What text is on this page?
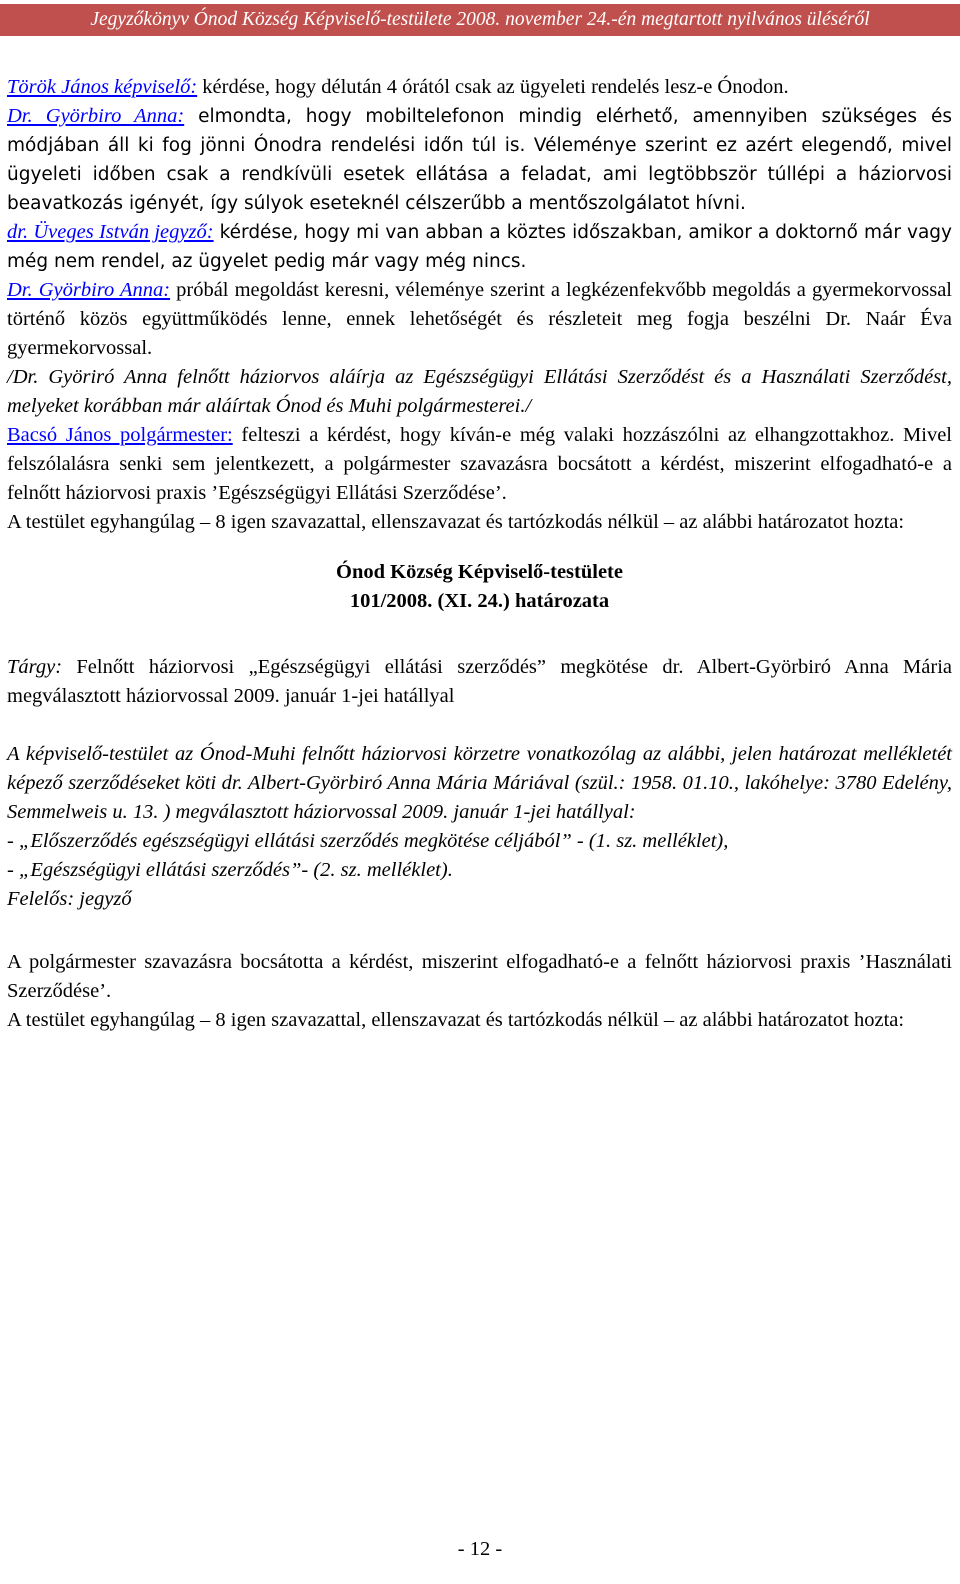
Jegyzőkönyv Ónod Község Képviselő-testülete 2008. november 24.-én megtartott nyilvános üléséről

Török János képviselő: kérdése, hogy délután 4 órától csak az ügyeleti rendelés lesz-e Ónodon.

Dr. Györbiro Anna: elmondta, hogy mobiltelefonon mindig elérhető, amennyiben szükséges és módjában áll ki fog jönni Ónodra rendelési időn túl is. Véleménye szerint ez azért elegendő, mivel ügyeleti időben csak a rendkívüli esetek ellátása a feladat, ami legtöbbször túllépi a háziorvosi beavatkozás igényét, így súlyok eseteknél célszerűbb a mentőszolgálatot hívni.

dr. Üveges István jegyző: kérdése, hogy mi van abban a köztes időszakban, amikor a doktornő már vagy még nem rendel, az ügyelet pedig már vagy még nincs.

Dr. Györbiro Anna: próbál megoldást keresni, véleménye szerint a legkézenfekvőbb megoldás a gyermekorvossal történő közös együttműködés lenne, ennek lehetőségét és részleteit meg fogja beszélni Dr. Naár Éva gyermekorvossal.

/Dr. Györiró Anna felnőtt háziorvos aláírja az Egészségügyi Ellátási Szerződést és a Használati Szerződést, melyeket korábban már aláírtak Ónod és Muhi polgármesterei./

Bacsó János polgármester: felteszi a kérdést, hogy kíván-e még valaki hozzászólni az elhangzottakhoz. Mivel felszólalásra senki sem jelentkezett, a polgármester szavazásra bocsátott a kérdést, miszerint elfogadható-e a felnőtt háziorvosi praxis ’Egészségügyi Ellátási Szerződése’.

A testület egyhangúlag – 8 igen szavazattal, ellenszavazat és tartózkodás nélkül – az alábbi határozatot hozta:

Ónod Község Képviselő-testülete
101/2008. (XI. 24.) határozata

Tárgy: Felnőtt háziorvosi „Egészségügyi ellátási szerződés” megkötése dr. Albert-Györbiró Anna Mária megválasztott háziorvossal 2009. január 1-jei hatállyal

A képviselő-testület az Ónod-Muhi felnőtt háziorvosi körzetre vonatkozólag az alábbi, jelen határozat mellékletét képező szerződéseket köti dr. Albert-Györbiró Anna Mária Máriával (szül.: 1958. 01.10., lakóhelye: 3780 Edelény, Semmelweis u. 13. ) megválasztott háziorvossal 2009. január 1-jei hatállyal:

- „Előszerződés egészségügyi ellátási szerződés megkötése céljából” - (1. sz. melléklet),

- „Egészségügyi ellátási szerződés”- (2. sz. melléklet).

Felelős: jegyző

A polgármester szavazásra bocsátotta a kérdést, miszerint elfogadható-e a felnőtt háziorvosi praxis ’Használati Szerződése’.

A testület egyhangúlag – 8 igen szavazattal, ellenszavazat és tartózkodás nélkül – az alábbi határozatot hozta:

- 12 -
